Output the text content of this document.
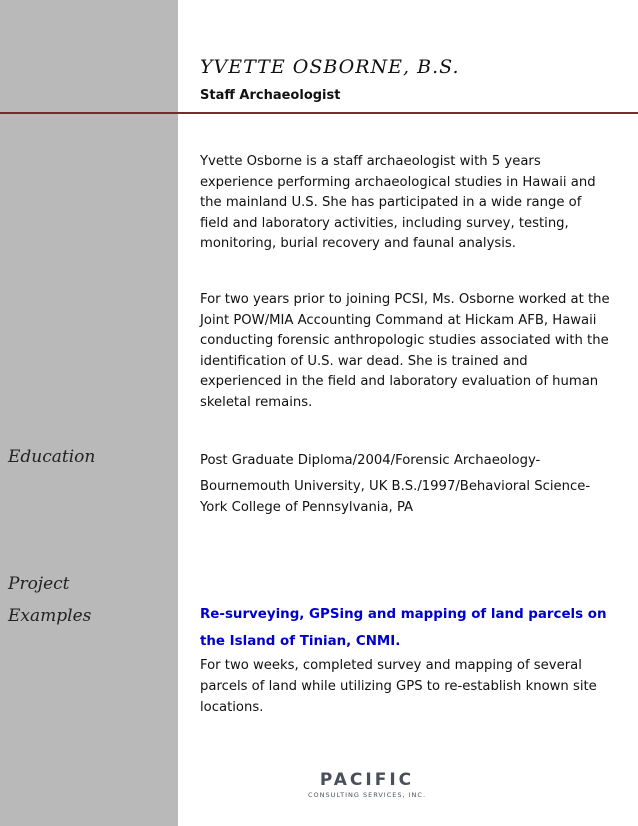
YVETTE OSBORNE, B.S.
Staff Archaeologist
Yvette Osborne is a staff archaeologist with 5 years experience performing archaeological studies in Hawaii and the mainland U.S. She has participated in a wide range of field and laboratory activities, including survey, testing, monitoring, burial recovery and faunal analysis.
For two years prior to joining PCSI, Ms. Osborne worked at the Joint POW/MIA Accounting Command at Hickam AFB, Hawaii conducting forensic anthropologic studies associated with the identification of U.S. war dead. She is trained and experienced in the field and laboratory evaluation of human skeletal remains.
Education	Post Graduate Diploma/2004/Forensic Archaeology-
Bournemouth University, UK B.S./1997/Behavioral Science-York College of Pennsylvania, PA
Project Examples	Re-surveying, GPSing and mapping of land parcels on the Island of Tinian, CNMI.
For two weeks, completed survey and mapping of several parcels of land while utilizing GPS to re-establish known site locations.
PACIFIC
CONSULTING SERVICES, INC.
